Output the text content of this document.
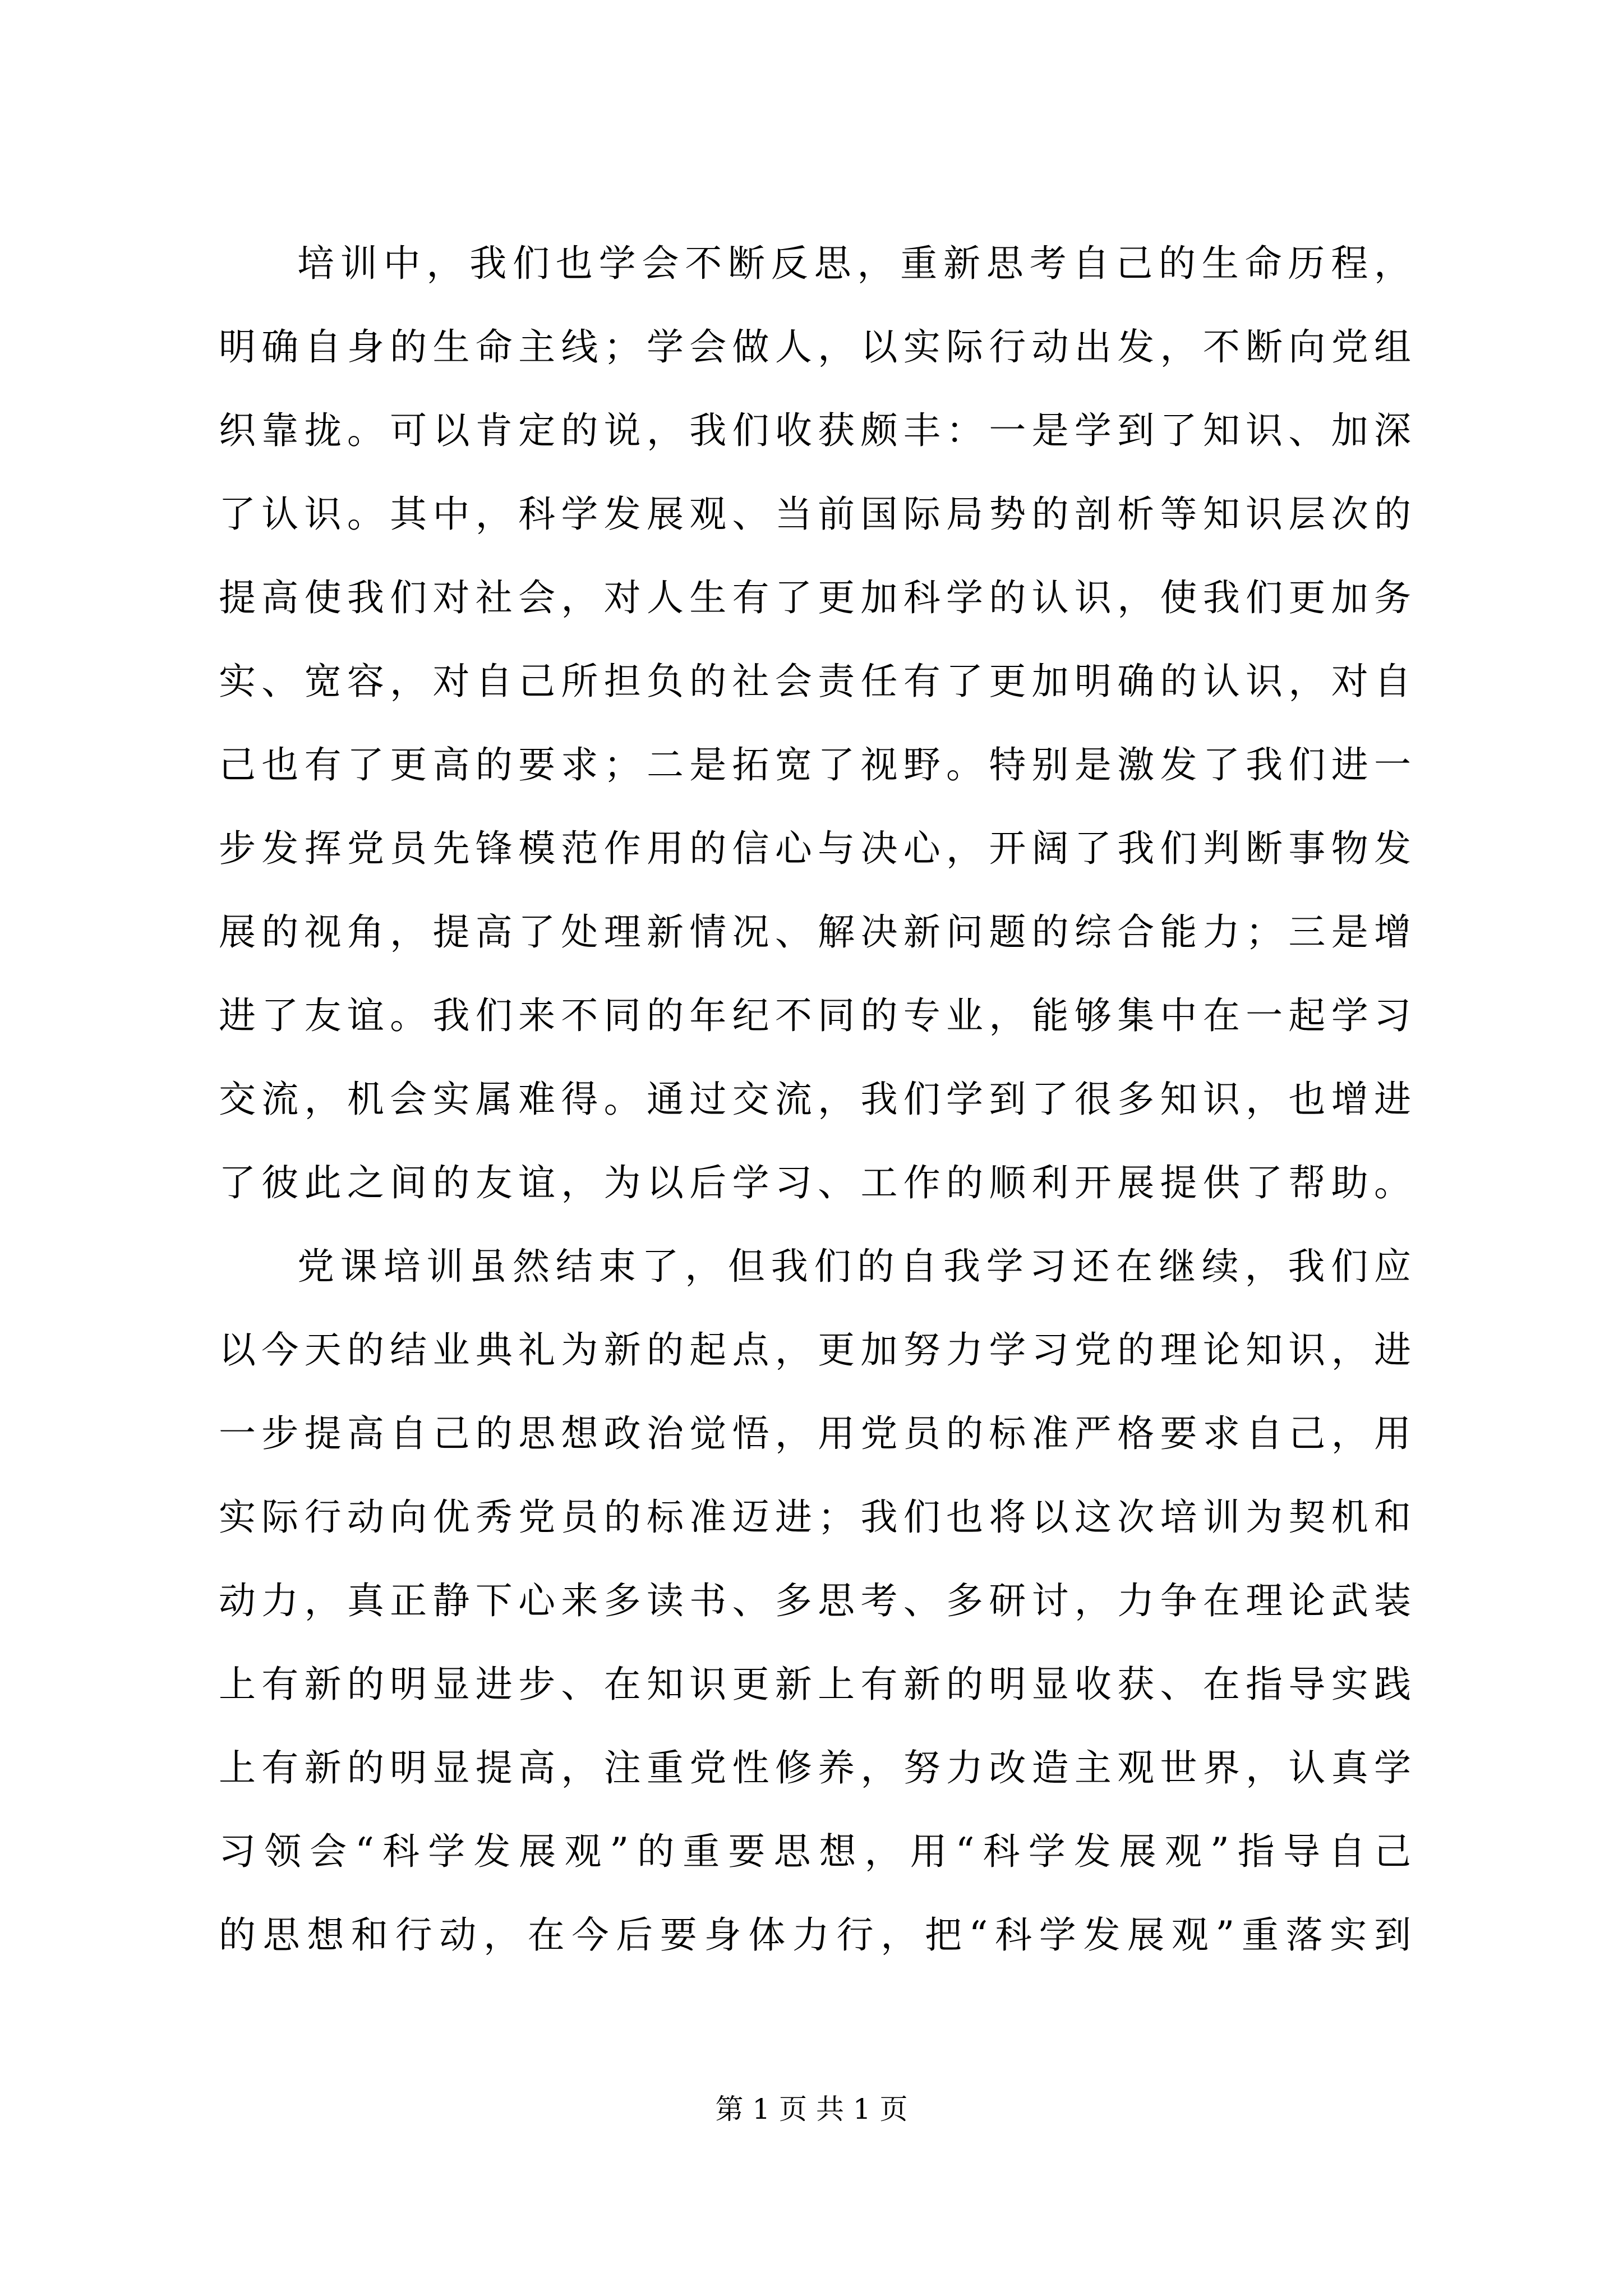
培训中，我们也学会不断反思，重新思考自己的生命历程，
明确自身的生命主线；学会做人，以实际行动出发，不断向党组
织靠拢。可以肯定的说，我们收获颇丰：一是学到了知识、加深
了认识。其中，科学发展观、当前国际局势的剖析等知识层次的
提高使我们对社会，对人生有了更加科学的认识，使我们更加务
实、宽容，对自己所担负的社会责任有了更加明确的认识，对自
己也有了更高的要求；二是拓宽了视野。特别是激发了我们进一
步发挥党员先锋模范作用的信心与决心，开阔了我们判断事物发
展的视角，提高了处理新情况、解决新问题的综合能力；三是增
进了友谊。我们来不同的年纪不同的专业，能够集中在一起学习
交流，机会实属难得。通过交流，我们学到了很多知识，也增进
了彼此之间的友谊，为以后学习、工作的顺利开展提供了帮助。
党课培训虽然结束了，但我们的自我学习还在继续，我们应
以今天的结业典礼为新的起点，更加努力学习党的理论知识，进
一步提高自己的思想政治觉悟，用党员的标准严格要求自己，用
实际行动向优秀党员的标准迈进；我们也将以这次培训为契机和
动力，真正静下心来多读书、多思考、多研讨，力争在理论武装
上有新的明显进步、在知识更新上有新的明显收获、在指导实践
上有新的明显提高，注重党性修养，努力改造主观世界，认真学
习领会“科学发展观”的重要思想，用“科学发展观”指导自己
的思想和行动，在今后要身体力行，把“科学发展观”重落实到
第 1 页 共 1 页
